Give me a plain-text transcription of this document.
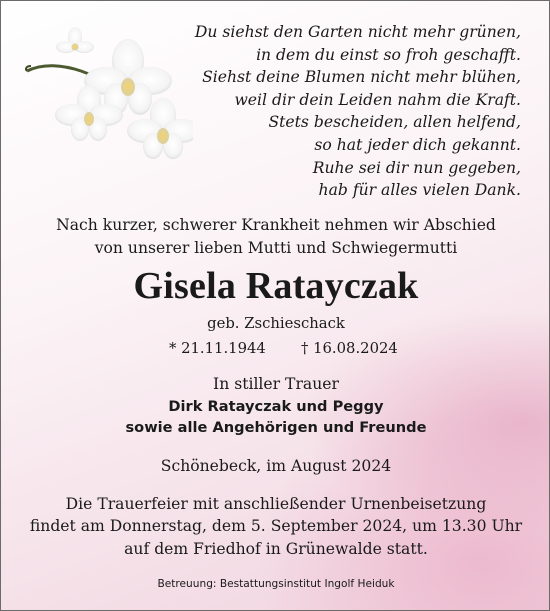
Du siehst den Garten nicht mehr grünen,
in dem du einst so froh geschafft.
Siehst deine Blumen nicht mehr blühen,
weil dir dein Leiden nahm die Kraft.
Stets bescheiden, allen helfend,
so hat jeder dich gekannt.
Ruhe sei dir nun gegeben,
hab für alles vielen Dank.
Nach kurzer, schwerer Krankheit nehmen wir Abschied
von unserer lieben Mutti und Schwiegermutti
Gisela Ratayczak
geb. Zschieschack
* 21.11.1944 † 16.08.2024
In stiller Trauer
Dirk Ratayczak und Peggy
sowie alle Angehörigen und Freunde
Schönebeck, im August 2024
Die Trauerfeier mit anschließender Urnenbeisetzung
findet am Donnerstag, dem 5. September 2024, um 13.30 Uhr
auf dem Friedhof in Grünewalde statt.
Betreuung: Bestattungsinstitut Ingolf Heiduk
